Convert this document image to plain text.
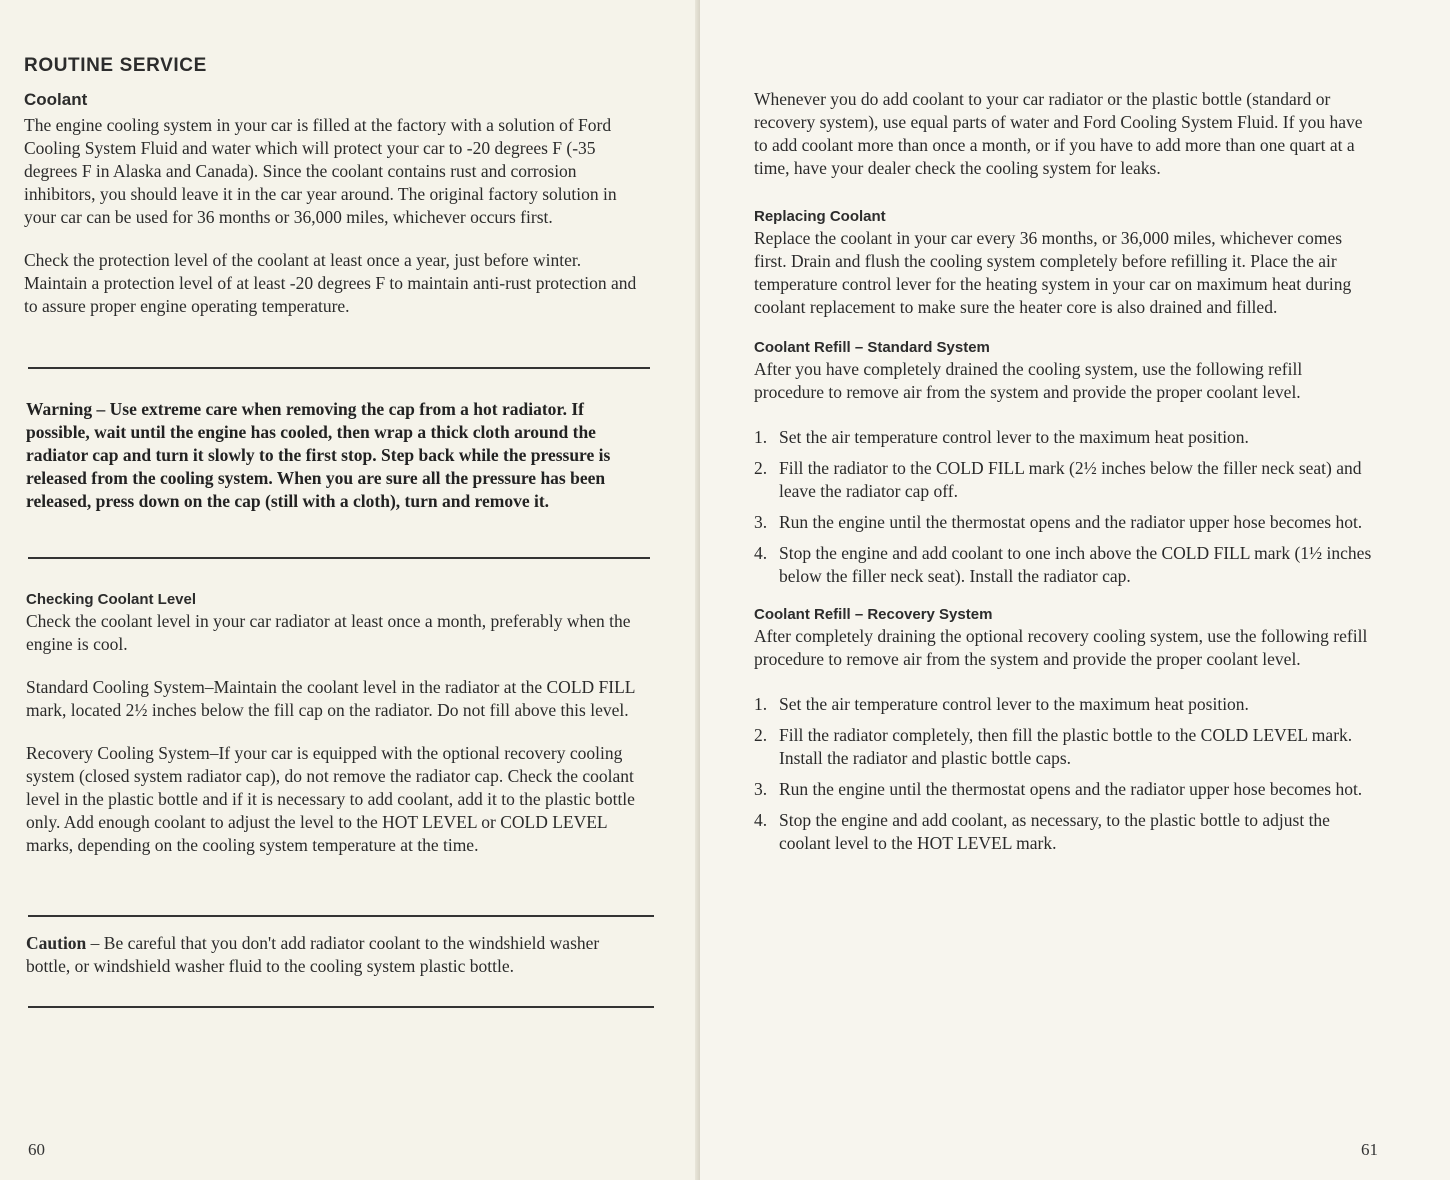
ROUTINE SERVICE
Coolant

The engine cooling system in your car is filled at the factory with a solution of Ford Cooling System Fluid and water which will protect your car to -20 degrees F (-35 degrees F in Alaska and Canada). Since the coolant contains rust and corrosion inhibitors, you should leave it in the car year around. The original factory solution in your car can be used for 36 months or 36,000 miles, whichever occurs first.

Check the protection level of the coolant at least once a year, just before winter. Maintain a protection level of at least -20 degrees F to maintain anti-rust protection and to assure proper engine operating temperature.

Warning – Use extreme care when removing the cap from a hot radiator. If possible, wait until the engine has cooled, then wrap a thick cloth around the radiator cap and turn it slowly to the first stop. Step back while the pressure is released from the cooling system. When you are sure all the pressure has been released, press down on the cap (still with a cloth), turn and remove it.

Checking Coolant Level

Check the coolant level in your car radiator at least once a month, preferably when the engine is cool.

Standard Cooling System–Maintain the coolant level in the radiator at the COLD FILL mark, located 2½ inches below the fill cap on the radiator. Do not fill above this level.

Recovery Cooling System–If your car is equipped with the optional recovery cooling system (closed system radiator cap), do not remove the radiator cap. Check the coolant level in the plastic bottle and if it is necessary to add coolant, add it to the plastic bottle only. Add enough coolant to adjust the level to the HOT LEVEL or COLD LEVEL marks, depending on the cooling system temperature at the time.

Caution – Be careful that you don't add radiator coolant to the windshield washer bottle, or windshield washer fluid to the cooling system plastic bottle.

60

Whenever you do add coolant to your car radiator or the plastic bottle (standard or recovery system), use equal parts of water and Ford Cooling System Fluid. If you have to add coolant more than once a month, or if you have to add more than one quart at a time, have your dealer check the cooling system for leaks.

Replacing Coolant

Replace the coolant in your car every 36 months, or 36,000 miles, whichever comes first. Drain and flush the cooling system completely before refilling it. Place the air temperature control lever for the heating system in your car on maximum heat during coolant replacement to make sure the heater core is also drained and filled.

Coolant Refill – Standard System

After you have completely drained the cooling system, use the following refill procedure to remove air from the system and provide the proper coolant level.

1. Set the air temperature control lever to the maximum heat position.
2. Fill the radiator to the COLD FILL mark (2½ inches below the filler neck seat) and leave the radiator cap off.
3. Run the engine until the thermostat opens and the radiator upper hose becomes hot.
4. Stop the engine and add coolant to one inch above the COLD FILL mark (1½ inches below the filler neck seat). Install the radiator cap.
Coolant Refill – Recovery System

After completely draining the optional recovery cooling system, use the following refill procedure to remove air from the system and provide the proper coolant level.

1. Set the air temperature control lever to the maximum heat position.
2. Fill the radiator completely, then fill the plastic bottle to the COLD LEVEL mark. Install the radiator and plastic bottle caps.
3. Run the engine until the thermostat opens and the radiator upper hose becomes hot.
4. Stop the engine and add coolant, as necessary, to the plastic bottle to adjust the coolant level to the HOT LEVEL mark.
61
